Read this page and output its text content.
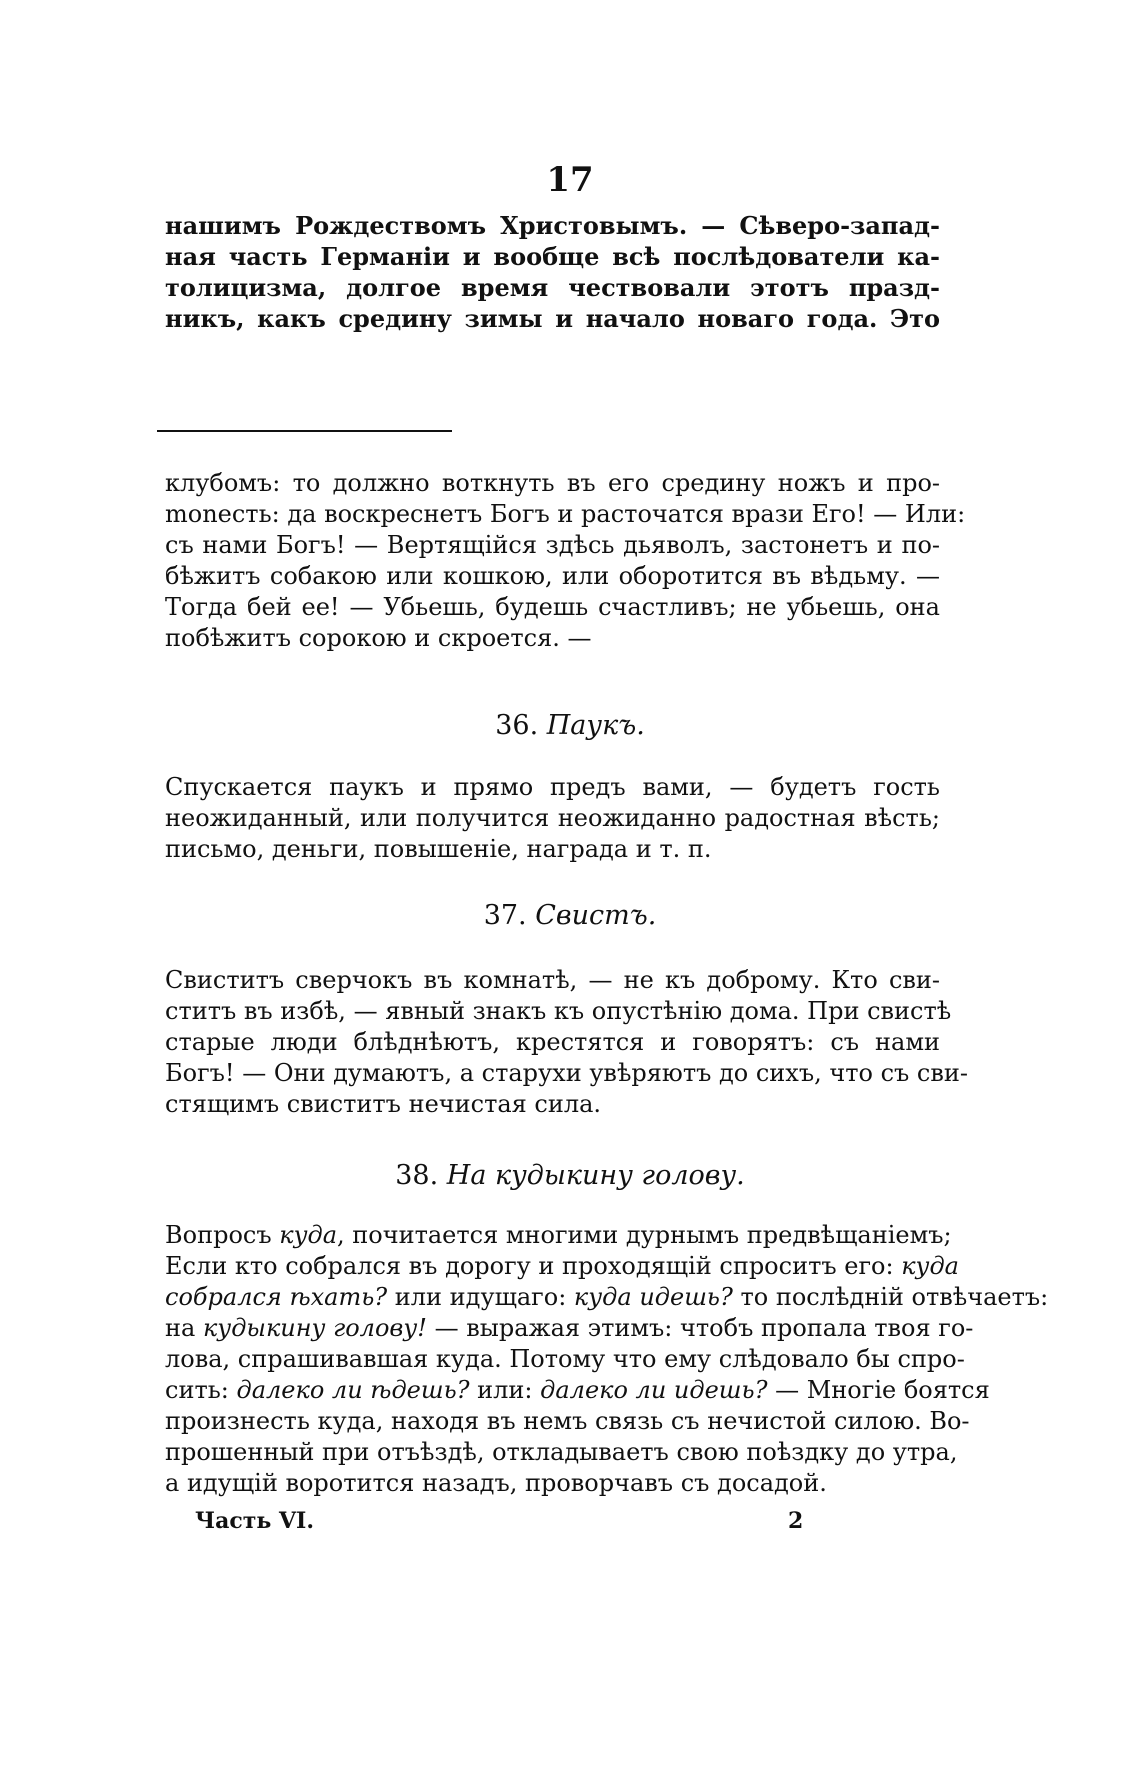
17
нашимъ Рождествомъ Христовымъ. — Сѣверо-запад-
ная часть Германіи и вообще всѣ послѣдователи ка-
толицизма, долгое время чествовали этотъ празд-
никъ, какъ средину зимы и начало новаго года. Это
клубомъ: то должно воткнуть въ его средину ножъ и про-
monесть: да воскреснетъ Богъ и расточатся врази Его! — Или:
съ нами Богъ! — Вертящійся здѣсь дьяволъ, застонетъ и по-
бѣжитъ собакою или кошкою, или оборотится въ вѣдьму. —
Тогда бей ее! — Убьешь, будешь счастливъ; не убьешь, она
побѣжитъ сорокою и скроется. —
36. Паукъ.
Спускается паукъ и прямо предъ вами, — будетъ гость
неожиданный, или получится неожиданно радостная вѣсть;
письмо, деньги, повышеніе, награда и т. п.
37. Свистъ.
Свиститъ сверчокъ въ комнатѣ, — не къ доброму. Кто сви-
ститъ въ избѣ, — явный знакъ къ опустѣнію дома. При свистѣ
старые люди блѣднѣютъ, крестятся и говорятъ: съ нами
Богъ! — Они думаютъ, а старухи увѣряютъ до сихъ, что съ сви-
стящимъ свиститъ нечистая сила.
38. На кудыкину голову.
Вопросъ куда, почитается многими дурнымъ предвѣщаніемъ;
Если кто собрался въ дорогу и проходящій спроситъ его: куда
собрался ѣхать? или идущаго: куда идешь? то послѣдній отвѣчаетъ:
на кудыкину голову! — выражая этимъ: чтобъ пропала твоя го-
лова, спрашивавшая куда. Потому что ему слѣдовало бы спро-
сить: далеко ли ѣдешь? или: далеко ли идешь? — Многіе боятся
произнесть куда, находя въ немъ связь съ нечистой силою. Во-
прошенный при отъѣздѣ, откладываетъ свою поѣздку до утра,
а идущій воротится назадъ, проворчавъ съ досадой.
Часть VI.	2
